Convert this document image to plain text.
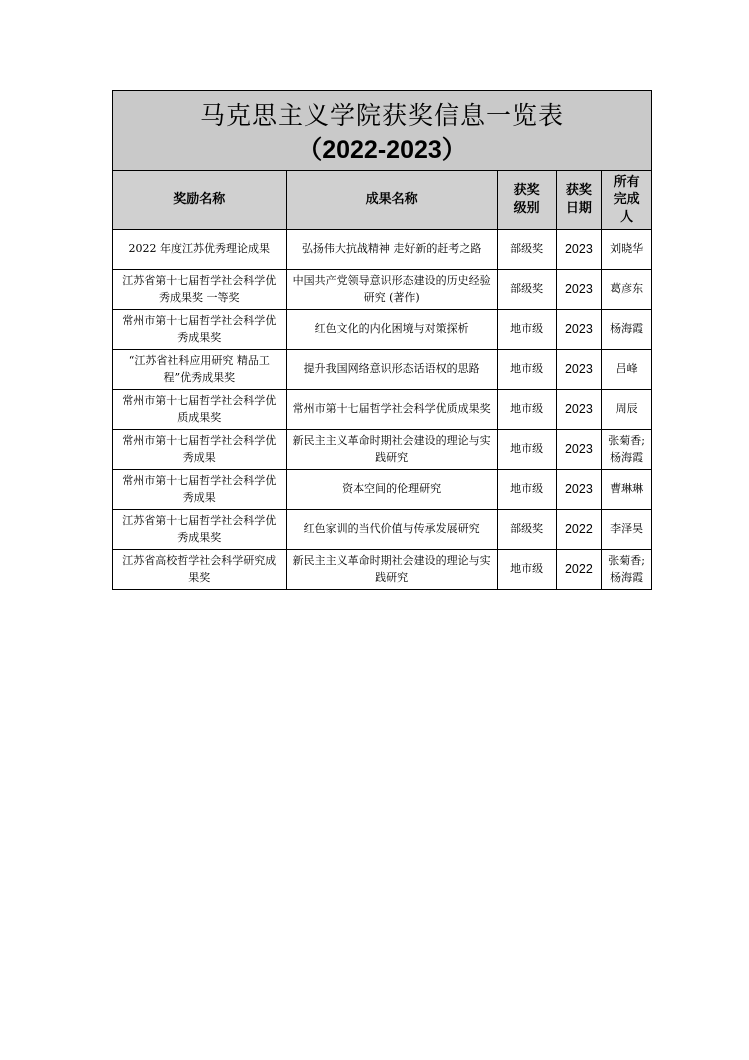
马克思主义学院获奖信息一览表
（2022-2023）				

奖励名称	成果名称	获奖级别	获奖日期	所有完成人
2022 年度江苏优秀理论成果	弘扬伟大抗战精神 走好新的赶考之路	部级奖	2023	刘晓华
江苏省第十七届哲学社会科学优秀成果奖 一等奖	中国共产党领导意识形态建设的历史经验研究 (著作)	部级奖	2023	葛彦东
常州市第十七届哲学社会科学优秀成果奖	红色文化的内化困境与对策探析	地市级	2023	杨海霞
“江苏省社科应用研究 精品工程”优秀成果奖	提升我国网络意识形态话语权的思路	地市级	2023	吕峰
常州市第十七届哲学社会科学优质成果奖	常州市第十七届哲学社会科学优质成果奖	地市级	2023	周辰
常州市第十七届哲学社会科学优秀成果	新民主主义革命时期社会建设的理论与实践研究	地市级	2023	张菊香; 杨海霞
常州市第十七届哲学社会科学优秀成果	资本空间的伦理研究	地市级	2023	曹琳琳
江苏省第十七届哲学社会科学优秀成果奖	红色家训的当代价值与传承发展研究	部级奖	2022	李泽昊
江苏省高校哲学社会科学研究成果奖	新民主主义革命时期社会建设的理论与实践研究	地市级	2022	张菊香; 杨海霞
